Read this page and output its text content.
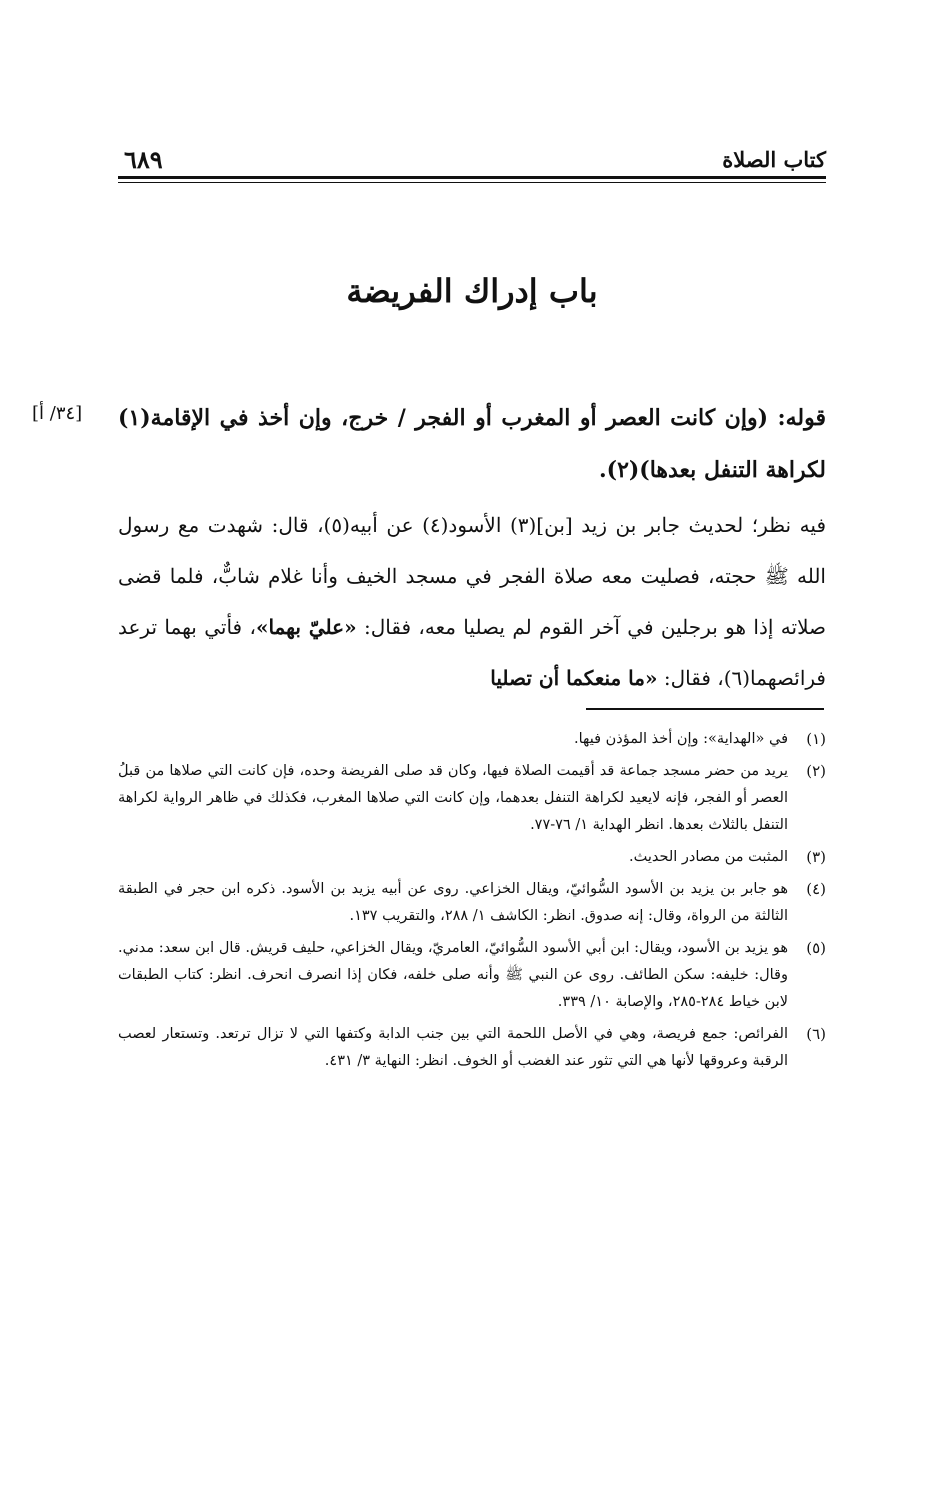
كتاب الصلاة
٦٨٩
باب إدراك الفريضة
[٣٤/ أ] قوله: (وإن كانت العصر أو المغرب أو الفجر / خرج، وإن أخذ في الإقامة(١) لكراهة التنفل بعدها)(٢).
فيه نظر؛ لحديث جابر بن زيد [بن](٣) الأسود(٤) عن أبيه(٥)، قال: شهدت مع رسول الله ﷺ حجته، فصليت معه صلاة الفجر في مسجد الخيف وأنا غلام شابٌّ، فلما قضى صلاته إذا هو برجلين في آخر القوم لم يصليا معه، فقال: «عليّ بهما»، فأتي بهما ترعد فرائصهما(٦)، فقال: «ما منعكما أن تصليا
(١)
في «الهداية»: وإن أخذ المؤذن فيها.
(٢)
يريد من حضر مسجد جماعة قد أقيمت الصلاة فيها، وكان قد صلى الفريضة وحده، فإن كانت التي صلاها من قبلُ العصر أو الفجر، فإنه لايعيد لكراهة التنفل بعدهما، وإن كانت التي صلاها المغرب، فكذلك في ظاهر الرواية لكراهة التنفل بالثلاث بعدها. انظر الهداية ١/ ٧٦-٧٧.
(٣)
المثبت من مصادر الحديث.
(٤)
هو جابر بن يزيد بن الأسود السُّوائيّ، ويقال الخزاعي. روى عن أبيه يزيد بن الأسود. ذكره ابن حجر في الطبقة الثالثة من الرواة، وقال: إنه صدوق. انظر: الكاشف ١/ ٢٨٨، والتقريب ١٣٧.
(٥)
هو يزيد بن الأسود، ويقال: ابن أبي الأسود السُّوائيّ، العامريّ، ويقال الخزاعي، حليف قريش. قال ابن سعد: مدني. وقال: خليفه: سكن الطائف. روى عن النبي ﷺ وأنه صلى خلفه، فكان إذا انصرف انحرف. انظر: كتاب الطبقات لابن خياط ٢٨٤-٢٨٥، والإصابة ١٠/ ٣٣٩.
(٦)
الفرائص: جمع فريصة، وهي في الأصل اللحمة التي بين جنب الدابة وكتفها التي لا تزال ترتعد. وتستعار لعصب الرقبة وعروقها لأنها هي التي تثور عند الغضب أو الخوف. انظر: النهاية ٣/ ٤٣١.
